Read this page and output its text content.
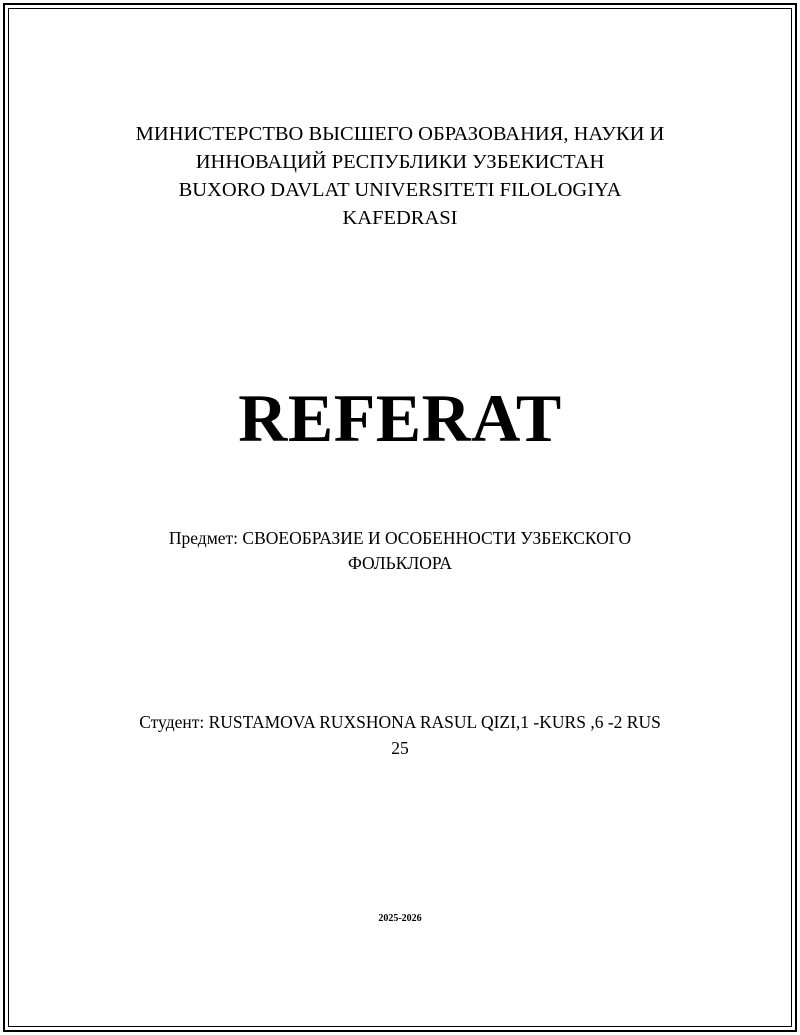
МИНИСТЕРСТВО ВЫСШЕГО ОБРАЗОВАНИЯ, НАУКИ И
ИННОВАЦИЙ РЕСПУБЛИКИ УЗБЕКИСТАН
BUXORO DAVLAT UNIVERSITETI FILOLOGIYA
KAFEDRASI
REFERAT
Предмет: СВОЕОБРАЗИЕ И ОСОБЕННОСТИ УЗБЕКСКОГО
ФОЛЬКЛОРА
Студент: RUSTAMOVA RUXSHONA RASUL QIZI,1 -KURS ,6 -2 RUS
25
2025-2026
